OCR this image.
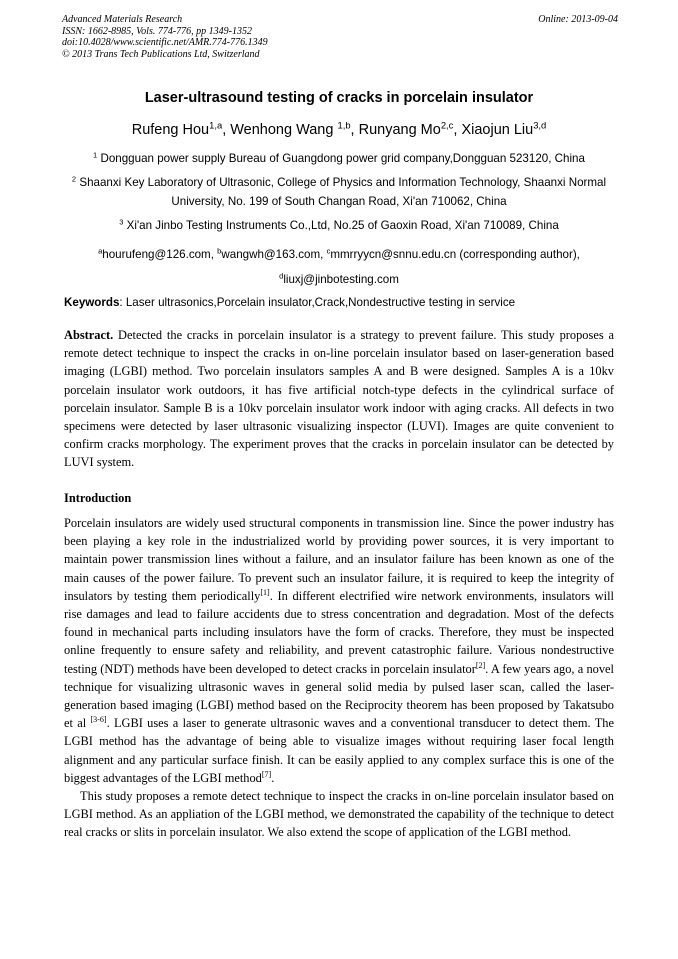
Advanced Materials Research
ISSN: 1662-8985, Vols. 774-776, pp 1349-1352
doi:10.4028/www.scientific.net/AMR.774-776.1349
© 2013 Trans Tech Publications Ltd, Switzerland
Online: 2013-09-04
Laser-ultrasound testing of cracks in porcelain insulator
Rufeng Hou$^{1,a}$, Wenhong Wang $^{1,b}$, Runyang Mo$^{2,c}$, Xiaojun Liu$^{3,d}$
$^1$ Dongguan power supply Bureau of Guangdong power grid company,Dongguan 523120, China
$^2$ Shaanxi Key Laboratory of Ultrasonic, College of Physics and Information Technology, Shaanxi Normal University, No. 199 of South Changan Road, Xi'an 710062, China
$^3$ Xi'an Jinbo Testing Instruments Co.,Ltd, No.25 of Gaoxin Road, Xi'an 710089, China
$^a$hourufeng@126.com, $^b$wangwh@163.com, $^c$mmrryycn@snnu.edu.cn (corresponding author),
$^d$liuxj@jinbotesting.com
Keywords: Laser ultrasonics,Porcelain insulator,Crack,Nondestructive testing in service
Abstract. Detected the cracks in porcelain insulator is a strategy to prevent failure. This study proposes a remote detect technique to inspect the cracks in on-line porcelain insulator based on laser-generation based imaging (LGBI) method. Two porcelain insulators samples A and B were designed. Samples A is a 10kv porcelain insulator work outdoors, it has five artificial notch-type defects in the cylindrical surface of porcelain insulator. Sample B is a 10kv porcelain insulator work indoor with aging cracks. All defects in two specimens were detected by laser ultrasonic visualizing inspector (LUVI). Images are quite convenient to confirm cracks morphology. The experiment proves that the cracks in porcelain insulator can be detected by LUVI system.
Introduction

Porcelain insulators are widely used structural components in transmission line. Since the power industry has been playing a key role in the industrialized world by providing power sources, it is very important to maintain power transmission lines without a failure, and an insulator failure has been known as one of the main causes of the power failure. To prevent such an insulator failure, it is required to keep the integrity of insulators by testing them periodically[1]. In different electrified wire network environments, insulators will rise damages and lead to failure accidents due to stress concentration and degradation. Most of the defects found in mechanical parts including insulators have the form of cracks. Therefore, they must be inspected online frequently to ensure safety and reliability, and prevent catastrophic failure. Various nondestructive testing (NDT) methods have been developed to detect cracks in porcelain insulator[2]. A few years ago, a novel technique for visualizing ultrasonic waves in general solid media by pulsed laser scan, called the laser-generation based imaging (LGBI) method based on the Reciprocity theorem has been proposed by Takatsubo et al [3-6]. LGBI uses a laser to generate ultrasonic waves and a conventional transducer to detect them. The LGBI method has the advantage of being able to visualize images without requiring laser focal length alignment and any particular surface finish. It can be easily applied to any complex surface this is one of the biggest advantages of the LGBI method[7].

This study proposes a remote detect technique to inspect the cracks in on-line porcelain insulator based on LGBI method. As an appliation of the LGBI method, we demonstrated the capability of the technique to detect real cracks or slits in porcelain insulator. We also extend the scope of application of the LGBI method.
